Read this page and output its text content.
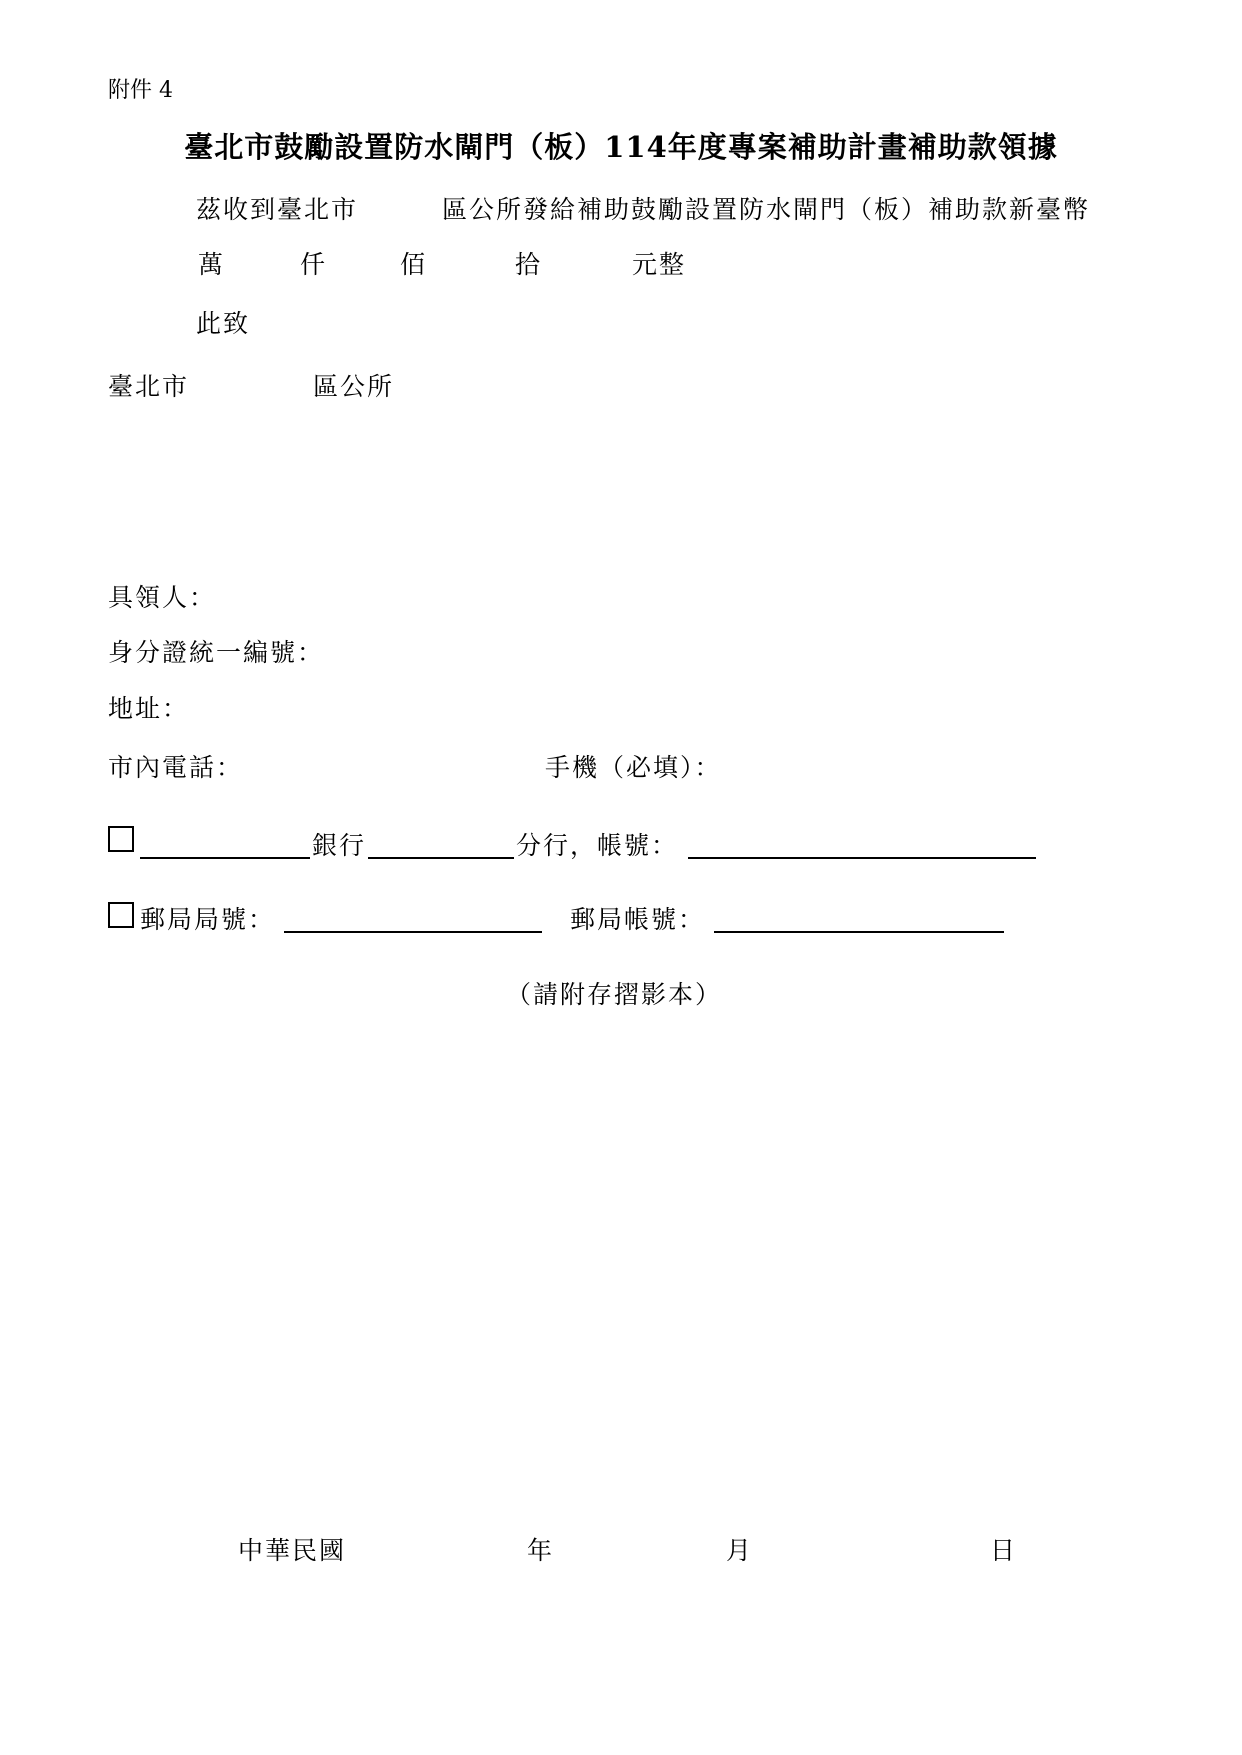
附件 4
臺北市鼓勵設置防水閘門（板）114年度專案補助計畫補助款領據
茲收到臺北市	區公所發給補助鼓勵設置防水閘門（板）補助款新臺幣
萬	仟	佰	拾	元整
此致
臺北市	區公所
具領人：
身分證統一編號：
地址：
市內電話：	手機（必填）：
銀行	分行，帳號：
郵局局號：	郵局帳號：
（請附存摺影本）
中華民國	年	月	日
